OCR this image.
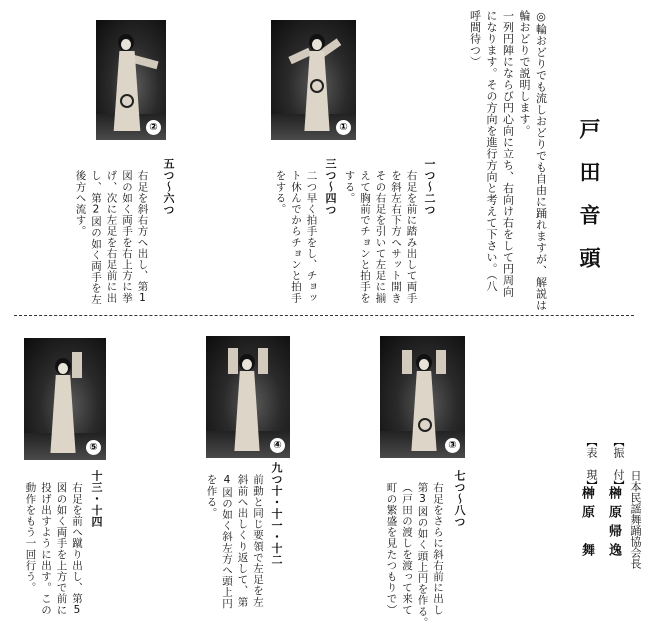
戸田音頭
◎輪おどりでも流しおどりでも自由に踊れますが、解説は
輪おどりで説明します。
一列円陣にならび円心向に立ち、右向け右をして円周向
になります。その方向を進行方向と考えて下さい。（八
呼間待つ）
日本民謡舞踊協会長
【振　付】
榊原帰逸
【表　現】
榊原　舞
①
②
③
④
⑤
一つ〜二つ
右足を前に踏み出して両手
を斜左右下方へサット開き
その右足を引いて左足に揃
えて胸前でチョンと拍手を
する。
三つ〜四つ
二つ早く拍手をし、チョッ
ト休んでからチョンと拍手
をする。
五つ〜六つ
右足を斜右方へ出し、第1
図の如く両手を右上方に挙
げ、次に左足を右足前に出
し、第2図の如く両手を左
後方へ流す。
七つ〜八つ
右足をさらに斜右前に出し
第3図の如く頭上円を作る。
（戸田の渡しを渡って来て
町の繁盛を見たつもりで）
九つ十・十一・十二
前動と同じ要領で左足を左
斜前へ出しくり返して、第
4図の如く斜左方へ頭上円
を作る。
十三・十四
右足を前へ蹴り出し、第5
図の如く両手を上方で前に
投げ出すように出す。この
動作をもう一回行う。
